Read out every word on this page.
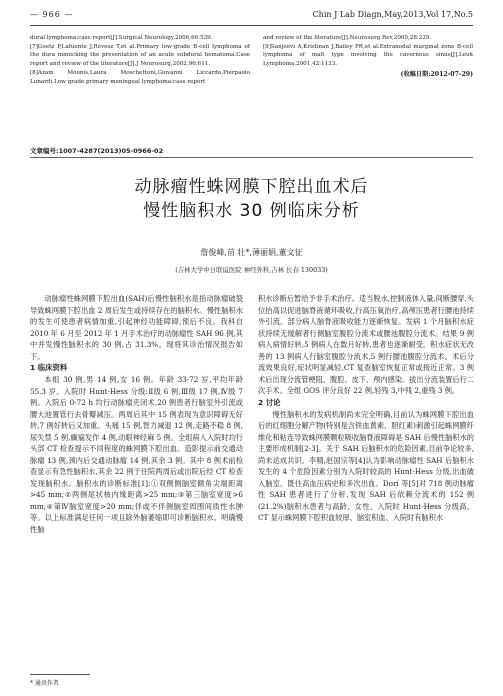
— 966 —	Chin J Lab Diagn,May,2013,Vol 17,No.5
dural lymphoma:case report[J].Surgical Neurology,2006,66:539.
[7]Goetz P,Lafuente J,Revesz T,et al.Primary low-grade B-cell lymphoma of the dura mimicking the presentation of an acute subdural hematoma.Case report and review of the literature[J].J Neurosurg,2002,96:611.
[8]Azam Moonis,Laura Moschettoni,Giovanni Liccardo,Pierpaolo Lunardi.Low grade primary meningeal lymphoma:case report
and review of the literature[J].Neurosurg Rev,2005,28:229.
[9]Sanjeevi A,Krishnan J,Bailey PR,et al.Extranodal marginal zone B-cell lymphoma of malt type involving the cavernous sinus[J].Leuk Lymphoma,2001,42:1133.
(收稿日期:2012-07-29)
文章编号:1007-4287(2013)05-0966-02
动脉瘤性蛛网膜下腔出血术后
慢性脑积水 30 例临床分析
詹俊峰,苗 壮*,薄丽娟,董文征
(吉林大学中日联谊医院 神经外科,吉林 长春 130033)

动脉瘤性蛛网膜下腔出血(SAH)后慢性脑积水是指动脉瘤破裂导致蛛网膜下腔出血 2 周后发生或持续存在的脑积水。慢性脑积水的发生可使患者病情加重,引起神经功能障碍,预后不良。我科自 2010 年 6 月至 2012 年 1 月手术治疗的动脉瘤性 SAH 96 例,其中并发慢性脑积水的 30 例,占 31.3%。现将其诊治情况报告如下。

1 临床资料

本组 30 例,男 14 例,女 16 例。年龄 33-72 岁,平均年龄 55.3 岁。入院时 Hunt-Hess 分级:Ⅱ级 6 例,Ⅲ级 17 例,Ⅳ级 7 例。入院后 0-72 h 均行动脉瘤夹闭术,20 例患者行脑室外引流或腰大池置管行去骨瓣减压。两周后其中 15 例表现为意识障碍无好转,7 例好转后又加重。头痛 15 例,智力减退 12 例,走路不稳 8 例,尿失禁 5 例,癫痫发作 4 例,动眼神经麻 5 例。全组病人入院时均行头部 CT 检查提示不同程度的蛛网膜下腔出血。造影提示前交通动脉瘤 13 例,颈内后交通动脉瘤 14 例,其余 3 例。其中 8 例术前检查显示有急性脑积水,其余 22 例于住院两周后或出院后经 CT 检查发现脑积水。脑积水的诊断标准[1]:①双侧侧脑室额角尖端距离>45 mm;②两侧尾状核内缘距离>25 mm;③第三脑室宽度>6 mm;④第Ⅳ脑室宽度>20 mm;伴或不伴侧脑室周围间质性水肿等。以上标准满足任何一项且除外脑萎缩即可诊断脑积水。明确慢性脑

积水诊断后暂给予非手术治疗。适当脱水,控制液体入量,间断腰穿,头位抬高以促进脑脊液循环吸收,行高压氧治疗,高颅压患者行腰池持续外引流。部分病人脑脊液吸收能力逐渐恢复。发病 1 个月脑积水症状持续无缓解者行侧脑室腹腔分流术或腰池腹腔分流术。结果 9 例病人病情好转,5 例病人在数月好转,患者也逐渐耐受。积水症状无改善的 13 例病人行脑室腹腔分流术,5 例行腰池腹腔分流术。术后分流效果良好,症状明显减轻,CT 复查脑室恢复正常或接近正常。3 例术后出现分流管梗阻、腹腔、皮下、颅内感染。拔出分流装置后行二次手术。全组 GOS 评分良好 22 例,轻残 3,中残 2,重残 3 例。

2 讨论

慢性脑积水的发病机制尚未完全明确,目前认为蛛网膜下腔出血后的红细胞分解产物(特别是含铁血黄素、胆红素)刺激引起蛛网膜纤维化和粘连导致蛛网膜颗粒吸收脑脊液障碍是 SAH 后慢性脑积水的主要形成机制[2-3]。关于 SAH 后脑积水的危险因素,目前争论较多,尚未达成共识。李精,赵国宗等[4]认为影响动脉瘤性 SAH 后脑积水发生的 4 个危险因素分别为入院时较高的 Hunt-Hess 分级,出血破入脑室、既往高血压病史和多次出血。Dori 等[5]对 718 例动脉瘤性 SAH 患者进行了分析,发现 SAH 后依赖分流术的 152 例(21.2%)脑积水患者与高龄、女性、入院时 Hunt-Hess 分级高、CT 显示蛛网膜下腔积血较厚、脑室积血、入院时有脑积水

* 通讯作者
